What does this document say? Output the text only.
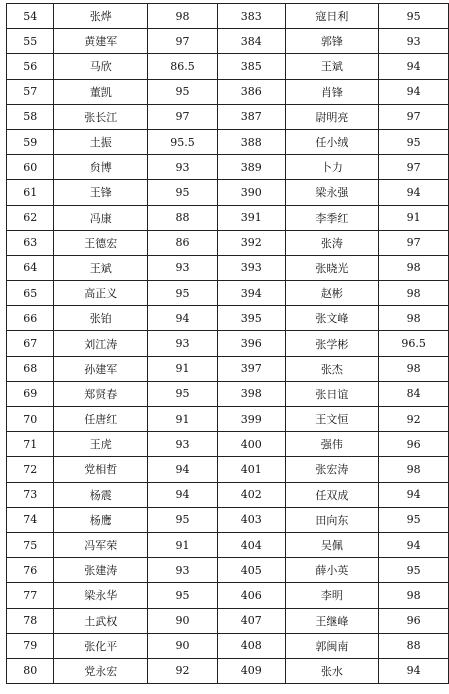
54	张烨	98	383	寇日利	95
55	黄建军	97	384	郭锋	93
56	马欣	86.5	385	王斌	94
57	董凯	95	386	肖锋	94
58	张长江	97	387	尉明亮	97
59	土振	95.5	388	任小绒	95
60	贠博	93	389	卜力	97
61	王锋	95	390	梁永强	94
62	冯康	88	391	李季红	91
63	王德宏	86	392	张涛	97
64	王斌	93	393	张晓光	98
65	高正义	95	394	赵彬	98
66	张铂	94	395	张文峰	98
67	刘江涛	93	396	张学彬	96.5
68	孙建军	91	397	张杰	98
69	郑贤春	95	398	张日谊	84
70	任唐红	91	399	王文恒	92
71	王虎	93	400	强伟	96
72	党相哲	94	401	张宏涛	98
73	杨震	94	402	任双成	94
74	杨鹰	95	403	田向东	95
75	冯军荣	91	404	吴佩	94
76	张建涛	93	405	薛小英	95
77	梁永华	95	406	李明	98
78	土武权	90	407	王继峰	96
79	张化平	90	408	郭闽南	88
80	党永宏	92	409	张水	94
